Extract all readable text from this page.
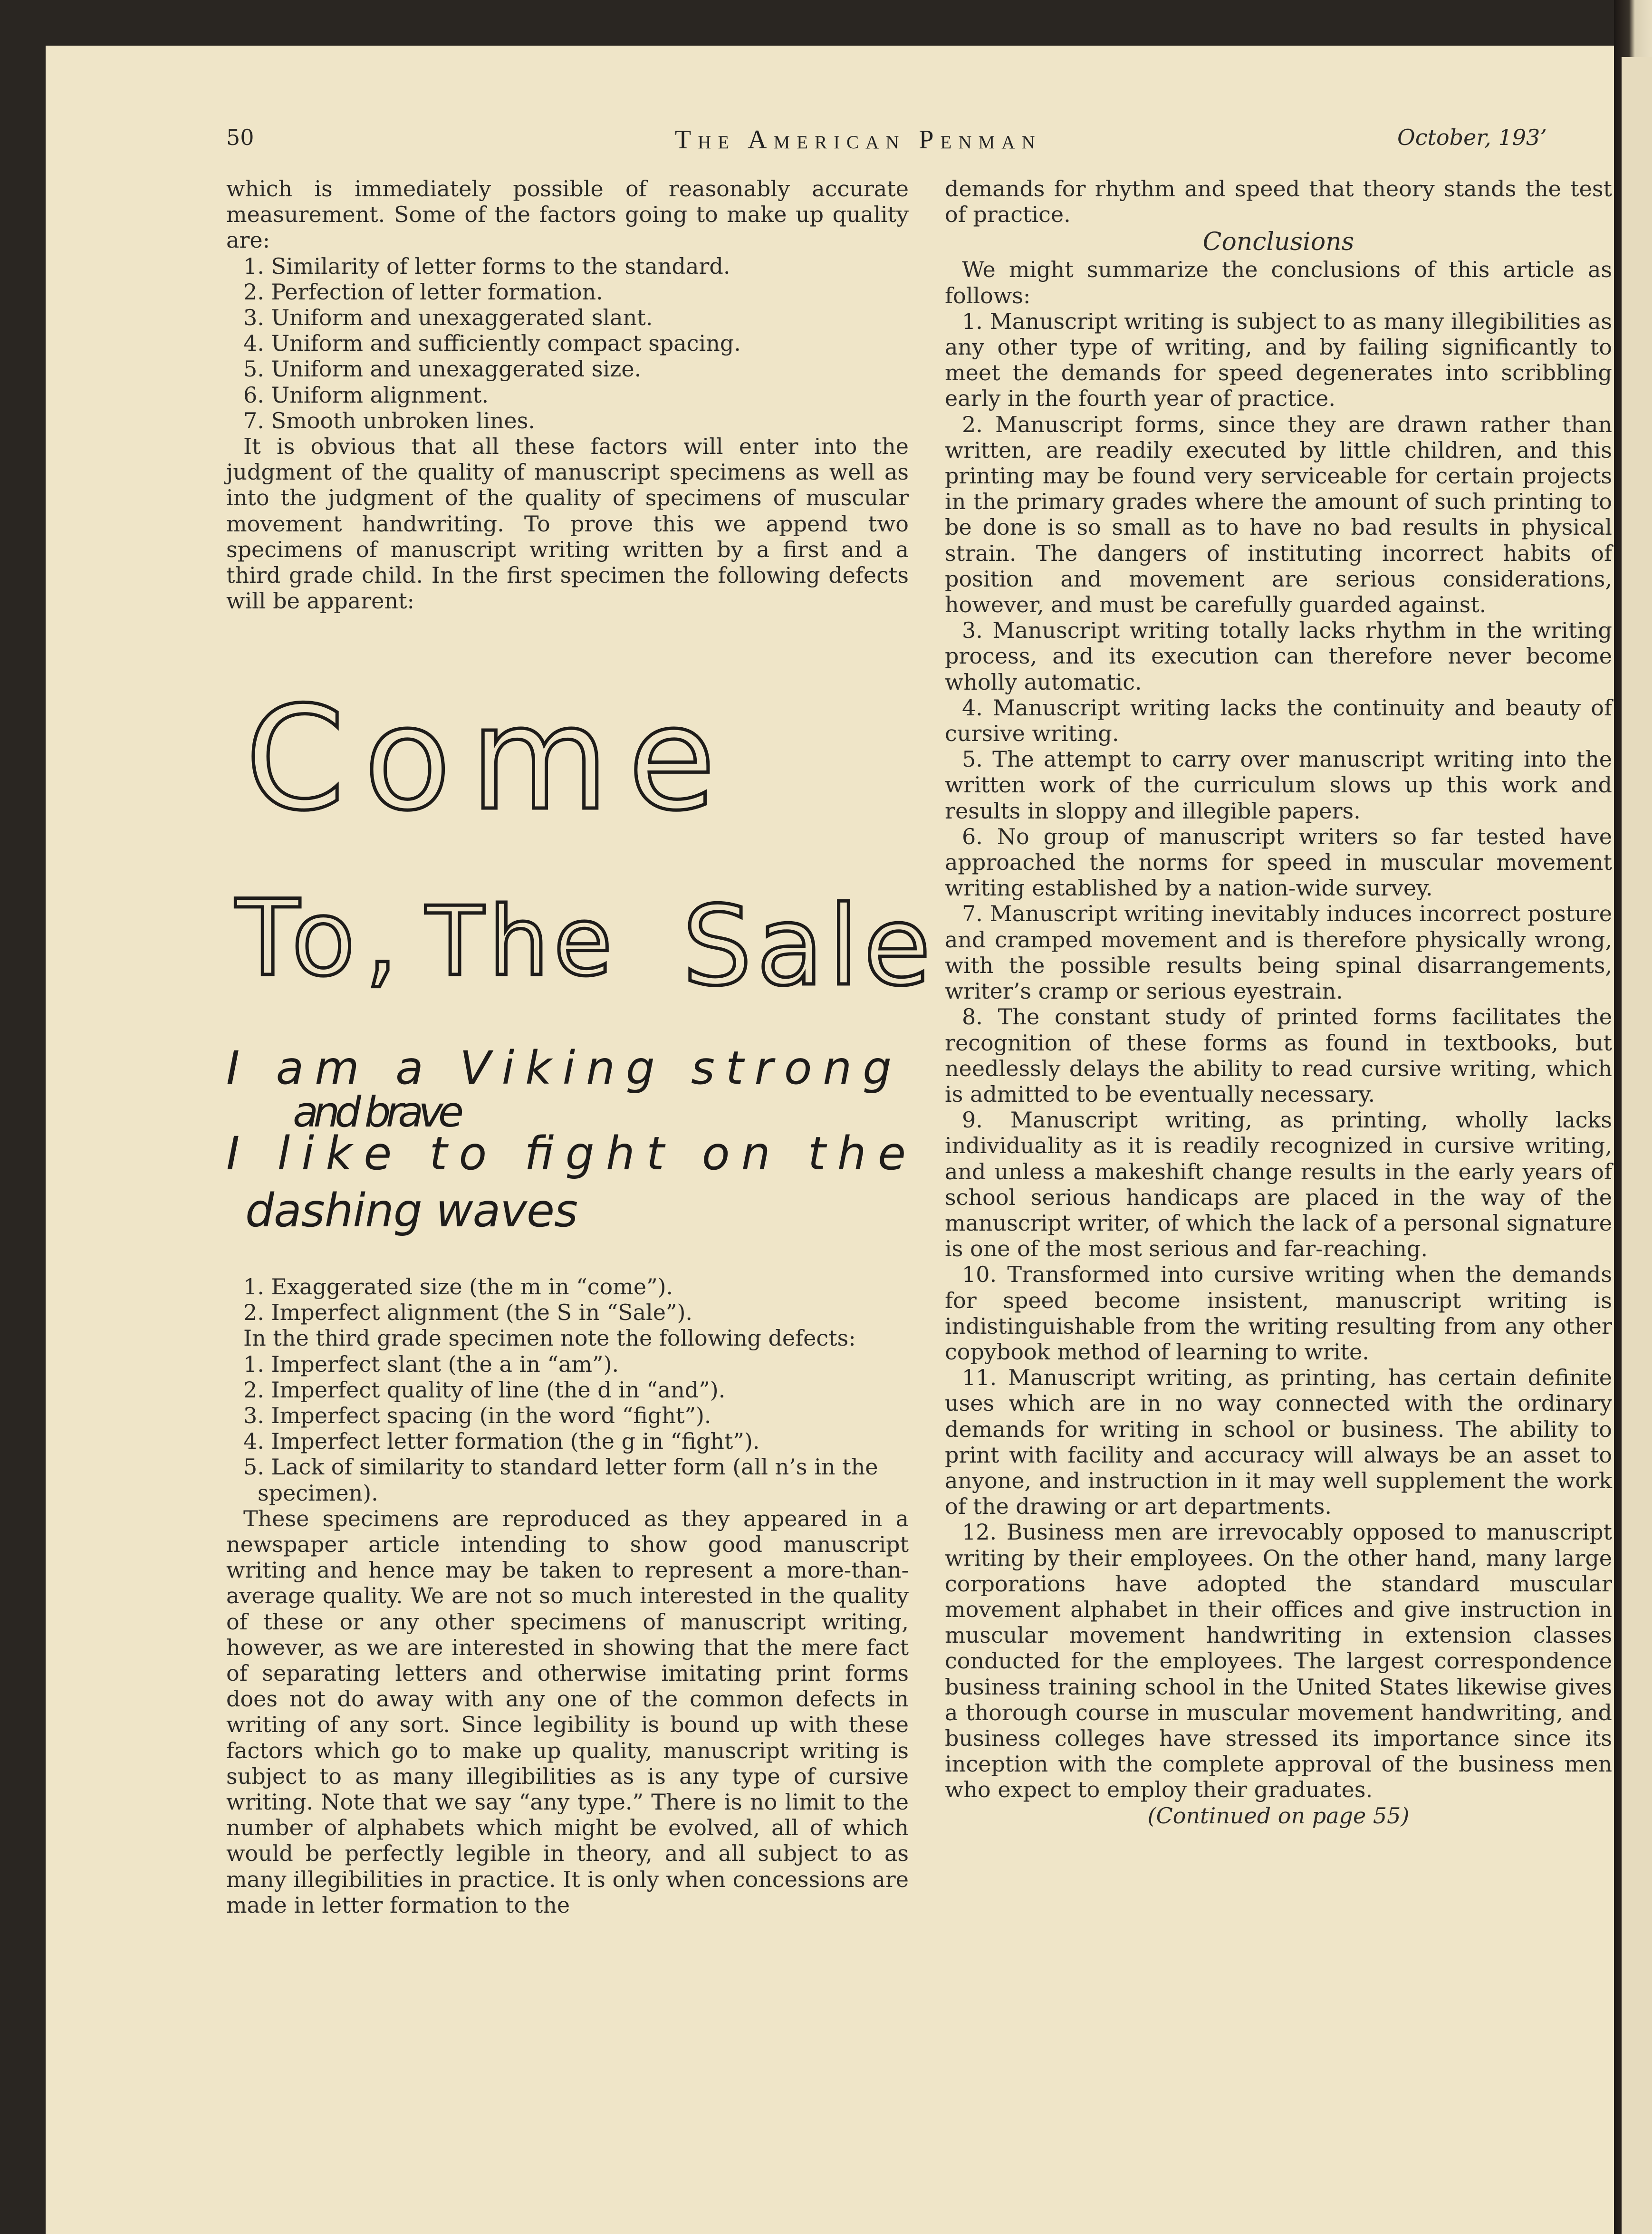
50	The American Penman	October, 193’

which is immediately possible of reasonably accurate measurement. Some of the factors going to make up quality are:

1. Similarity of letter forms to the standard.

2. Perfection of letter formation.

3. Uniform and unexaggerated slant.

4. Uniform and sufficiently compact spacing.

5. Uniform and unexaggerated size.

6. Uniform alignment.

7. Smooth unbroken lines.

It is obvious that all these factors will enter into the judgment of the quality of manuscript specimens as well as into the judgment of the quality of specimens of muscular movement handwriting. To prove this we append two specimens of manuscript writing written by a first and a third grade child. In the first specimen the following defects will be apparent:

Come
To, The Sale
I am a Viking strong
and brave
I like to fight on the
dashing waves

1. Exaggerated size (the m in “come”).

2. Imperfect alignment (the S in “Sale”).

In the third grade specimen note the following defects:

1. Imperfect slant (the a in “am”).

2. Imperfect quality of line (the d in “and”).

3. Imperfect spacing (in the word “fight”).

4. Imperfect letter formation (the g in “fight”).

5. Lack of similarity to standard letter form (all n’s in the specimen).

These specimens are reproduced as they appeared in a newspaper article intending to show good manuscript writing and hence may be taken to represent a more-than-average quality. We are not so much interested in the quality of these or any other specimens of manuscript writing, however, as we are interested in showing that the mere fact of separating letters and otherwise imitating print forms does not do away with any one of the common defects in writing of any sort. Since legibility is bound up with these factors which go to make up quality, manuscript writing is subject to as many illegibilities as is any type of cursive writing. Note that we say “any type.” There is no limit to the number of alphabets which might be evolved, all of which would be perfectly legible in theory, and all subject to as many illegibilities in practice. It is only when concessions are made in letter formation to the

demands for rhythm and speed that theory stands the test of practice.

Conclusions

We might summarize the conclusions of this article as follows:

1. Manuscript writing is subject to as many illegibilities as any other type of writing, and by failing significantly to meet the demands for speed degenerates into scribbling early in the fourth year of practice.

2. Manuscript forms, since they are drawn rather than written, are readily executed by little children, and this printing may be found very serviceable for certain projects in the primary grades where the amount of such printing to be done is so small as to have no bad results in physical strain. The dangers of instituting incorrect habits of position and movement are serious considerations, however, and must be carefully guarded against.

3. Manuscript writing totally lacks rhythm in the writing process, and its execution can therefore never become wholly automatic.

4. Manuscript writing lacks the continuity and beauty of cursive writing.

5. The attempt to carry over manuscript writing into the written work of the curriculum slows up this work and results in sloppy and illegible papers.

6. No group of manuscript writers so far tested have approached the norms for speed in muscular movement writing established by a nation-wide survey.

7. Manuscript writing inevitably induces incorrect posture and cramped movement and is therefore physically wrong, with the possible results being spinal disarrangements, writer’s cramp or serious eyestrain.

8. The constant study of printed forms facilitates the recognition of these forms as found in textbooks, but needlessly delays the ability to read cursive writing, which is admitted to be eventually necessary.

9. Manuscript writing, as printing, wholly lacks individuality as it is readily recognized in cursive writing, and unless a makeshift change results in the early years of school serious handicaps are placed in the way of the manuscript writer, of which the lack of a personal signature is one of the most serious and far-reaching.

10. Transformed into cursive writing when the demands for speed become insistent, manuscript writing is indistinguishable from the writing resulting from any other copybook method of learning to write.

11. Manuscript writing, as printing, has certain definite uses which are in no way connected with the ordinary demands for writing in school or business. The ability to print with facility and accuracy will always be an asset to anyone, and instruction in it may well supplement the work of the drawing or art departments.

12. Business men are irrevocably opposed to manuscript writing by their employees. On the other hand, many large corporations have adopted the standard muscular movement alphabet in their offices and give instruction in muscular movement handwriting in extension classes conducted for the employees. The largest correspondence business training school in the United States likewise gives a thorough course in muscular movement handwriting, and business colleges have stressed its importance since its inception with the complete approval of the business men who expect to employ their graduates.

(Continued on page 55)
